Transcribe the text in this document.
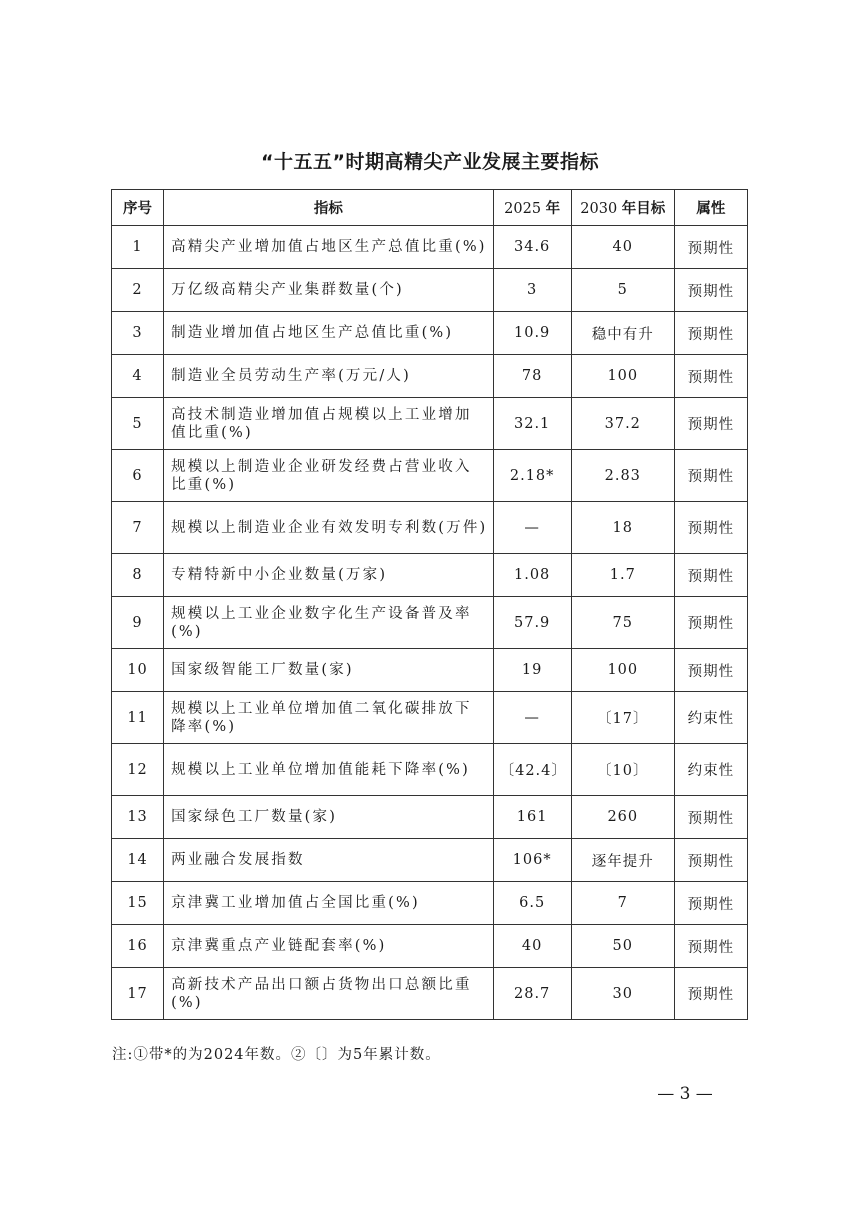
“十五五”时期高精尖产业发展主要指标
序号	指标	2025 年	2030 年目标	属性
1	高精尖产业增加值占地区生产总值比重(%)	34.6	40	预期性
2	万亿级高精尖产业集群数量(个)	3	5	预期性
3	制造业增加值占地区生产总值比重(%)	10.9	稳中有升	预期性
4	制造业全员劳动生产率(万元/人)	78	100	预期性
5	高技术制造业增加值占规模以上工业增加值比重(%)	32.1	37.2	预期性
6	规模以上制造业企业研发经费占营业收入比重(%)	2.18*	2.83	预期性
7	规模以上制造业企业有效发明专利数(万件)	—	18	预期性
8	专精特新中小企业数量(万家)	1.08	1.7	预期性
9	规模以上工业企业数字化生产设备普及率(%)	57.9	75	预期性
10	国家级智能工厂数量(家)	19	100	预期性
11	规模以上工业单位增加值二氧化碳排放下降率(%)	—	〔17〕	约束性
12	规模以上工业单位增加值能耗下降率(%)	〔42.4〕	〔10〕	约束性
13	国家绿色工厂数量(家)	161	260	预期性
14	两业融合发展指数	106*	逐年提升	预期性
15	京津冀工业增加值占全国比重(%)	6.5	7	预期性
16	京津冀重点产业链配套率(%)	40	50	预期性
17	高新技术产品出口额占货物出口总额比重(%)	28.7	30	预期性
注:①带*的为2024年数。②〔〕为5年累计数。
— 3 —
